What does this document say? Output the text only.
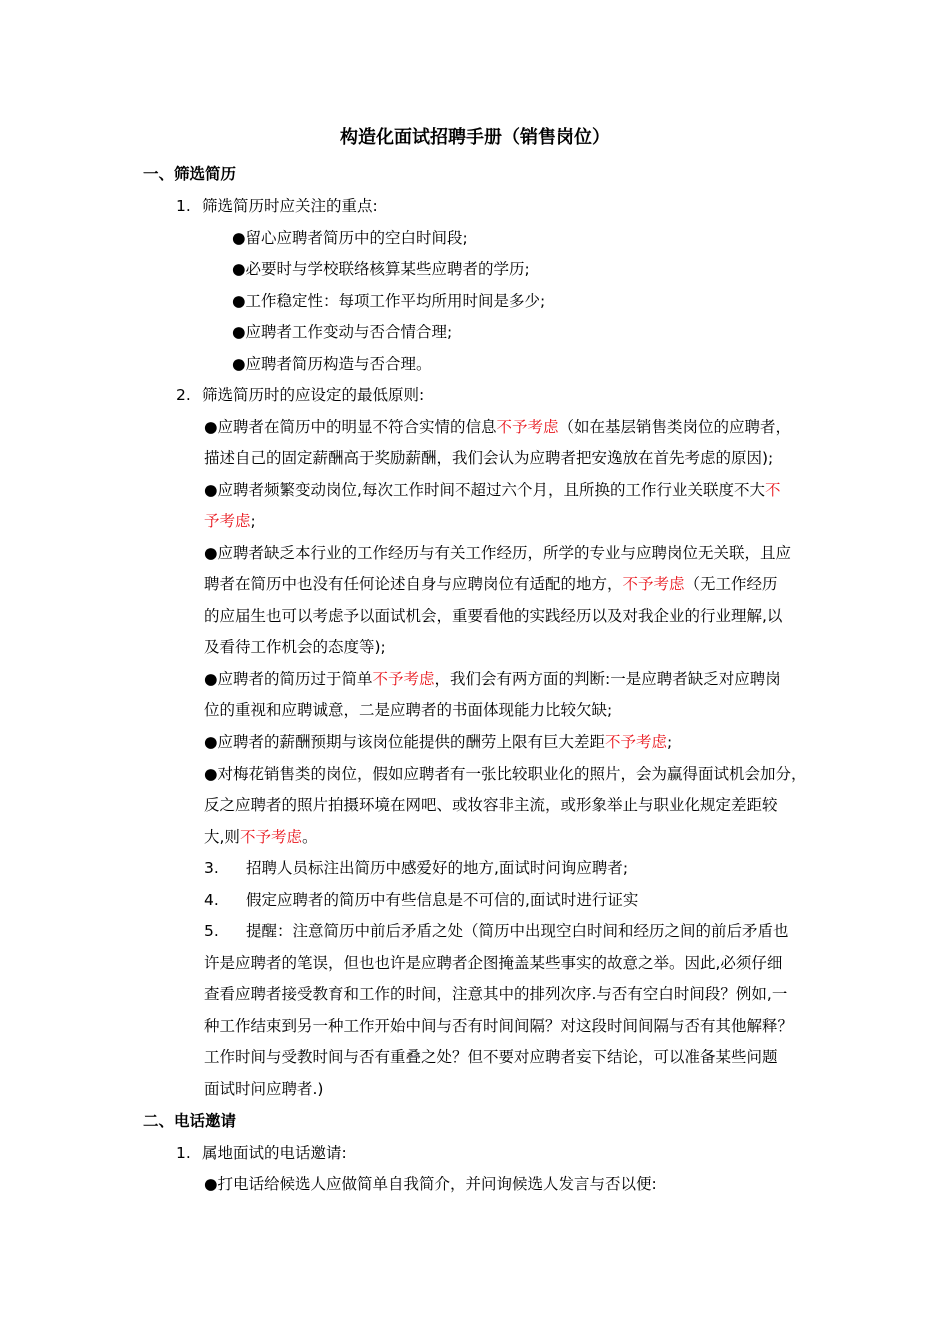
构造化面试招聘手册（销售岗位）
一、筛选简历
1. 筛选简历时应关注的重点:
●留心应聘者简历中的空白时间段;
●必要时与学校联络核算某些应聘者的学历;
●工作稳定性：每项工作平均所用时间是多少;
●应聘者工作变动与否合情合理;
●应聘者简历构造与否合理。
2. 筛选简历时的应设定的最低原则:
●应聘者在简历中的明显不符合实情的信息不予考虑（如在基层销售类岗位的应聘者，
描述自己的固定薪酬高于奖励薪酬，我们会认为应聘者把安逸放在首先考虑的原因);
●应聘者频繁变动岗位,每次工作时间不超过六个月，且所换的工作行业关联度不大不
予考虑;
●应聘者缺乏本行业的工作经历与有关工作经历，所学的专业与应聘岗位无关联，且应
聘者在简历中也没有任何论述自身与应聘岗位有适配的地方，不予考虑（无工作经历
的应届生也可以考虑予以面试机会，重要看他的实践经历以及对我企业的行业理解,以
及看待工作机会的态度等);
●应聘者的简历过于简单不予考虑，我们会有两方面的判断:一是应聘者缺乏对应聘岗
位的重视和应聘诚意，二是应聘者的书面体现能力比较欠缺;
●应聘者的薪酬预期与该岗位能提供的酬劳上限有巨大差距不予考虑;
●对梅花销售类的岗位，假如应聘者有一张比较职业化的照片，会为赢得面试机会加分，
反之应聘者的照片拍摄环境在网吧、或妆容非主流，或形象举止与职业化规定差距较
大,则不予考虑。
3. 招聘人员标注出简历中感爱好的地方,面试时问询应聘者;
4. 假定应聘者的简历中有些信息是不可信的,面试时进行证实
5. 提醒：注意简历中前后矛盾之处（简历中出现空白时间和经历之间的前后矛盾也
许是应聘者的笔误，但也也许是应聘者企图掩盖某些事实的故意之举。因此,必须仔细
查看应聘者接受教育和工作的时间，注意其中的排列次序.与否有空白时间段？例如,一
种工作结束到另一种工作开始中间与否有时间间隔？对这段时间间隔与否有其他解释？
工作时间与受教时间与否有重叠之处？但不要对应聘者妄下结论，可以准备某些问题
面试时问应聘者.)
二、电话邀请
1. 属地面试的电话邀请:
●打电话给候选人应做简单自我简介，并问询候选人发言与否以便:
